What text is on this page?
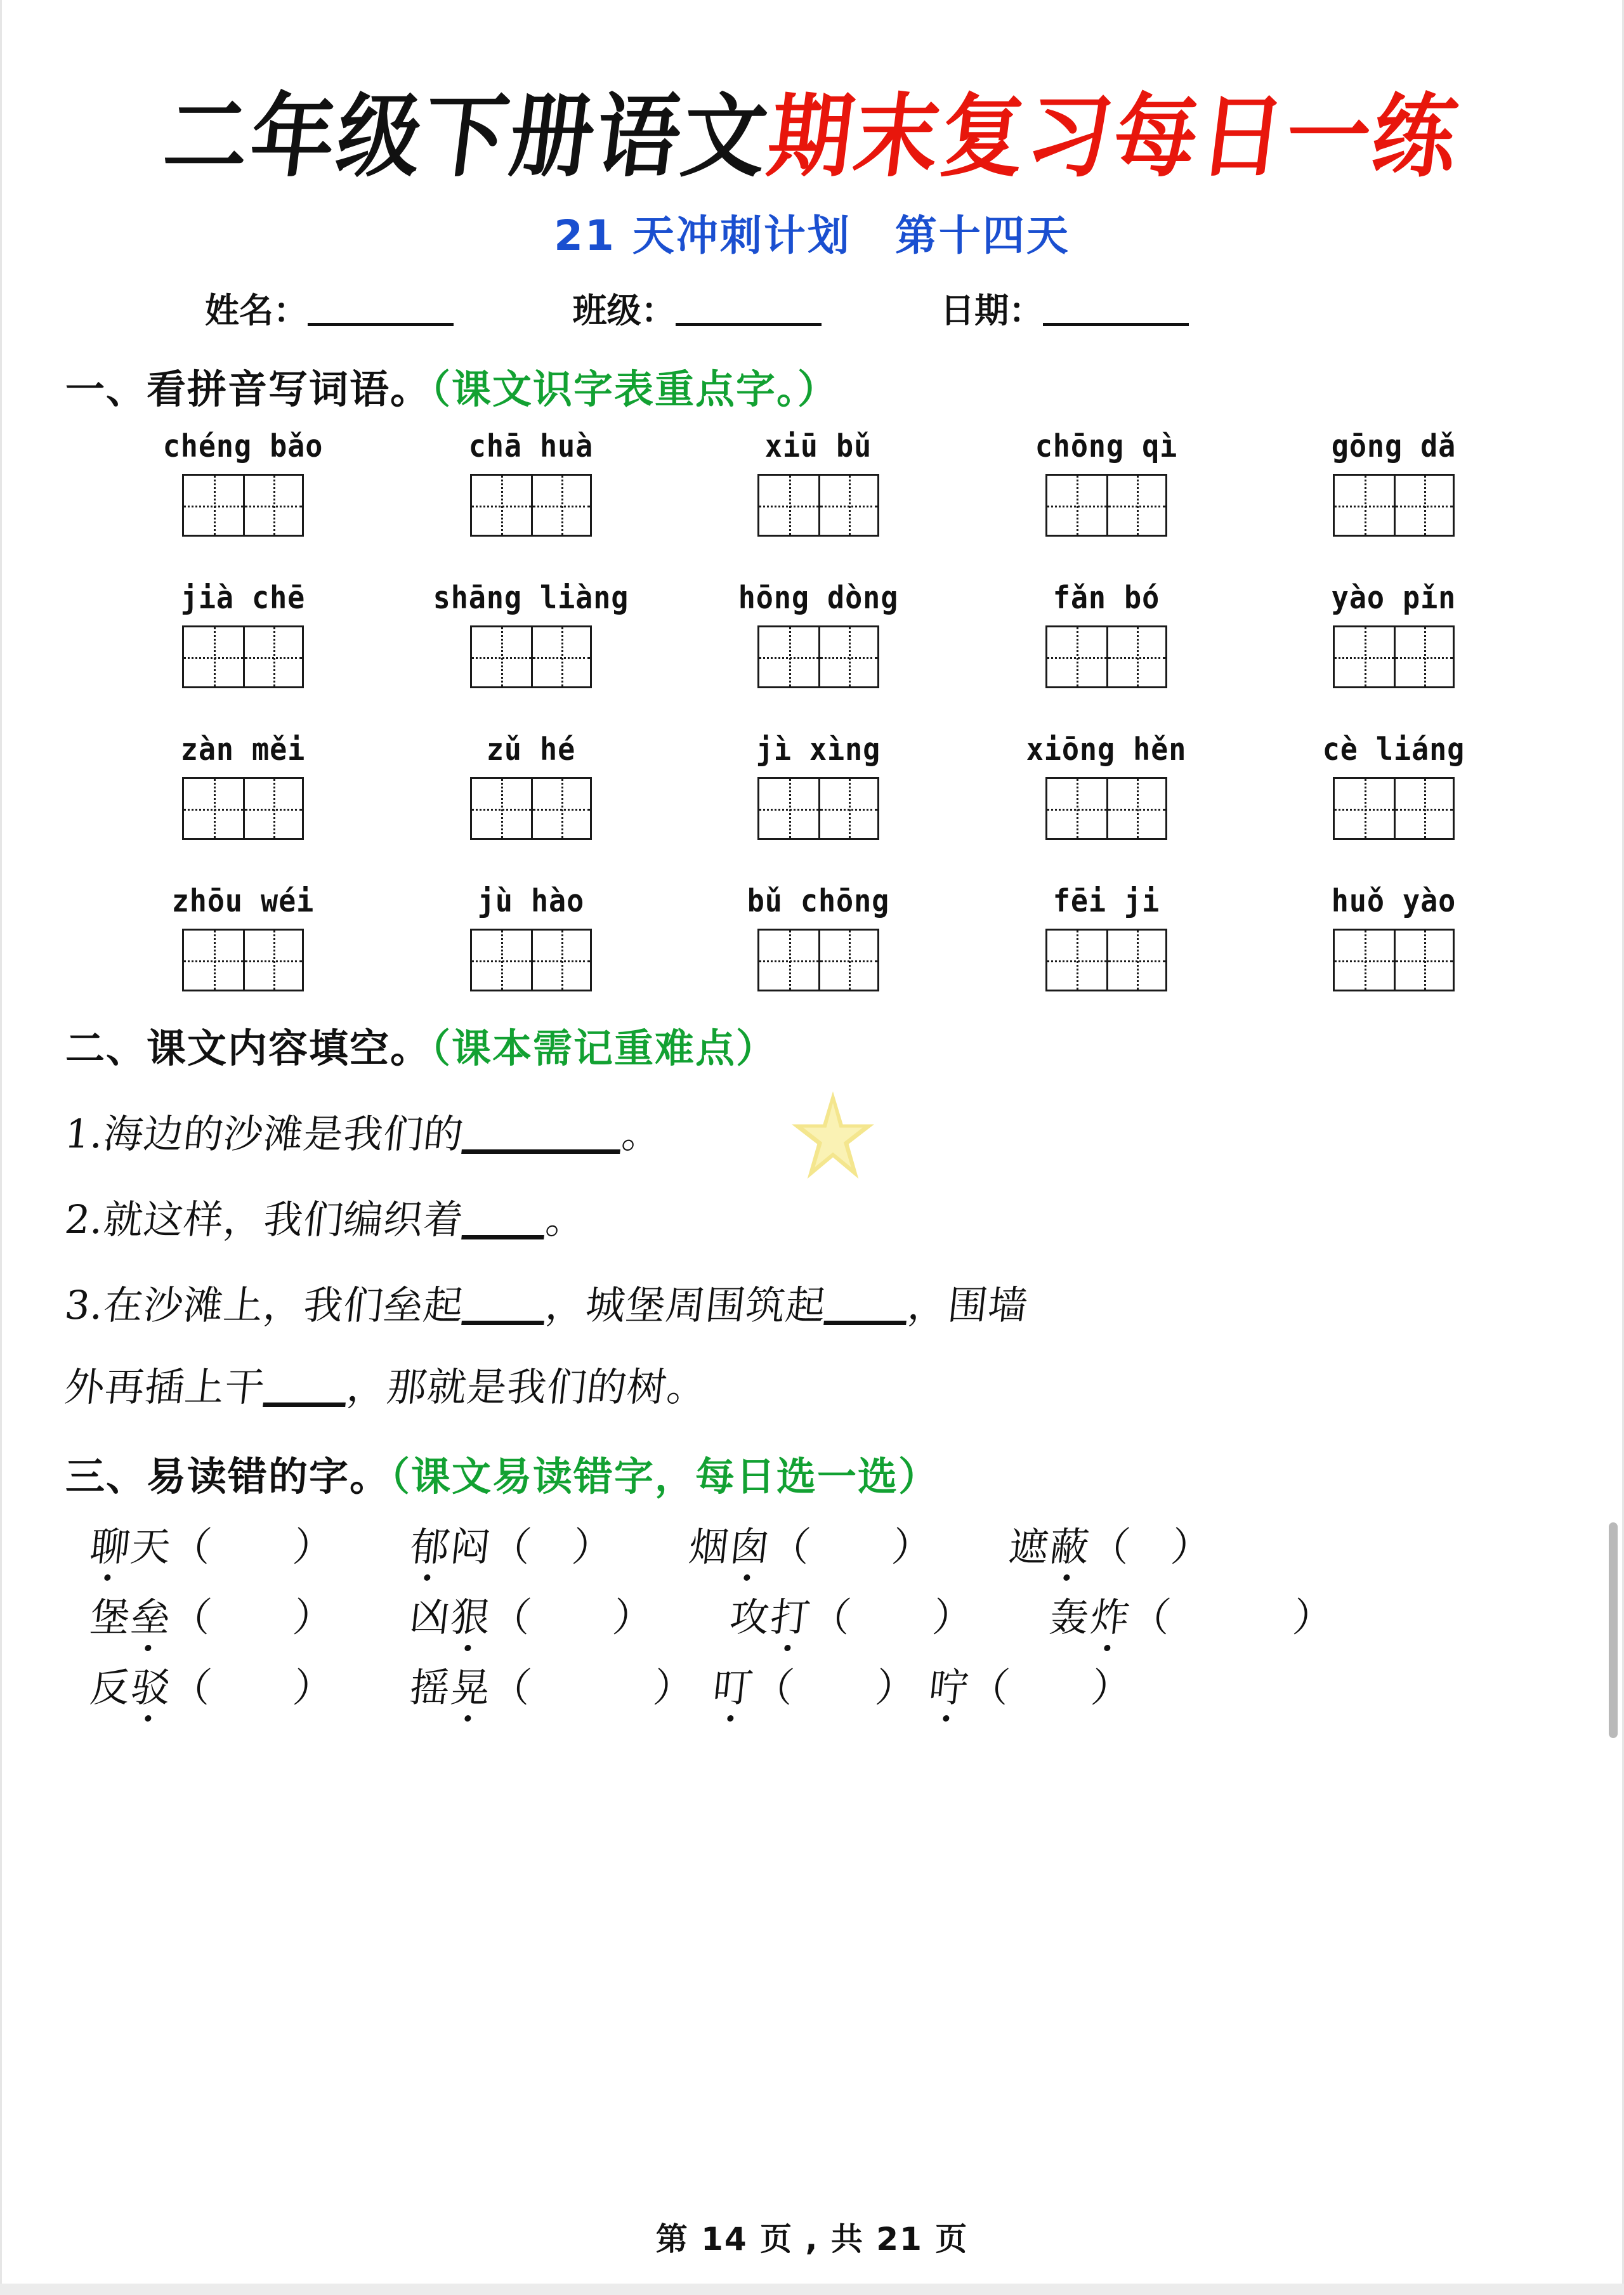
二年级下册语文期末复习每日一练
21 天冲刺计划　第十四天
姓名：	班级：	日期：
一、看拼音写词语。（课文识字表重点字。）
chéng bǎo	chā huà	xiū bǔ	chōng qì	gōng dǎ
jià chē	shāng liàng	hōng dòng	fǎn bó	yào pǐn
zàn měi	zǔ hé	jì xìng	xiōng hěn	cè liáng
zhōu wéi	jù hào	bǔ chōng	fēi ji	huǒ yào
二、课文内容填空。（课本需记重难点）
1.海边的沙滩是我们的	。
2.就这样，我们编织着 。
3.在沙滩上，我们垒起 ，城堡周围筑起 ，围墙
外再插上干 ，那就是我们的树。
三、易读错的字。（课文易读错字，每日选一选）
聊天（　　） 郁闷（　） 烟囱（　　） 遮蔽（　）
堡垒（　　） 凶狠（　　） 攻打（　　） 轰炸（　　　）
反驳（　　） 摇晃（　　　） 叮（　　） 咛（　　）
第 14 页 , 共 21 页
